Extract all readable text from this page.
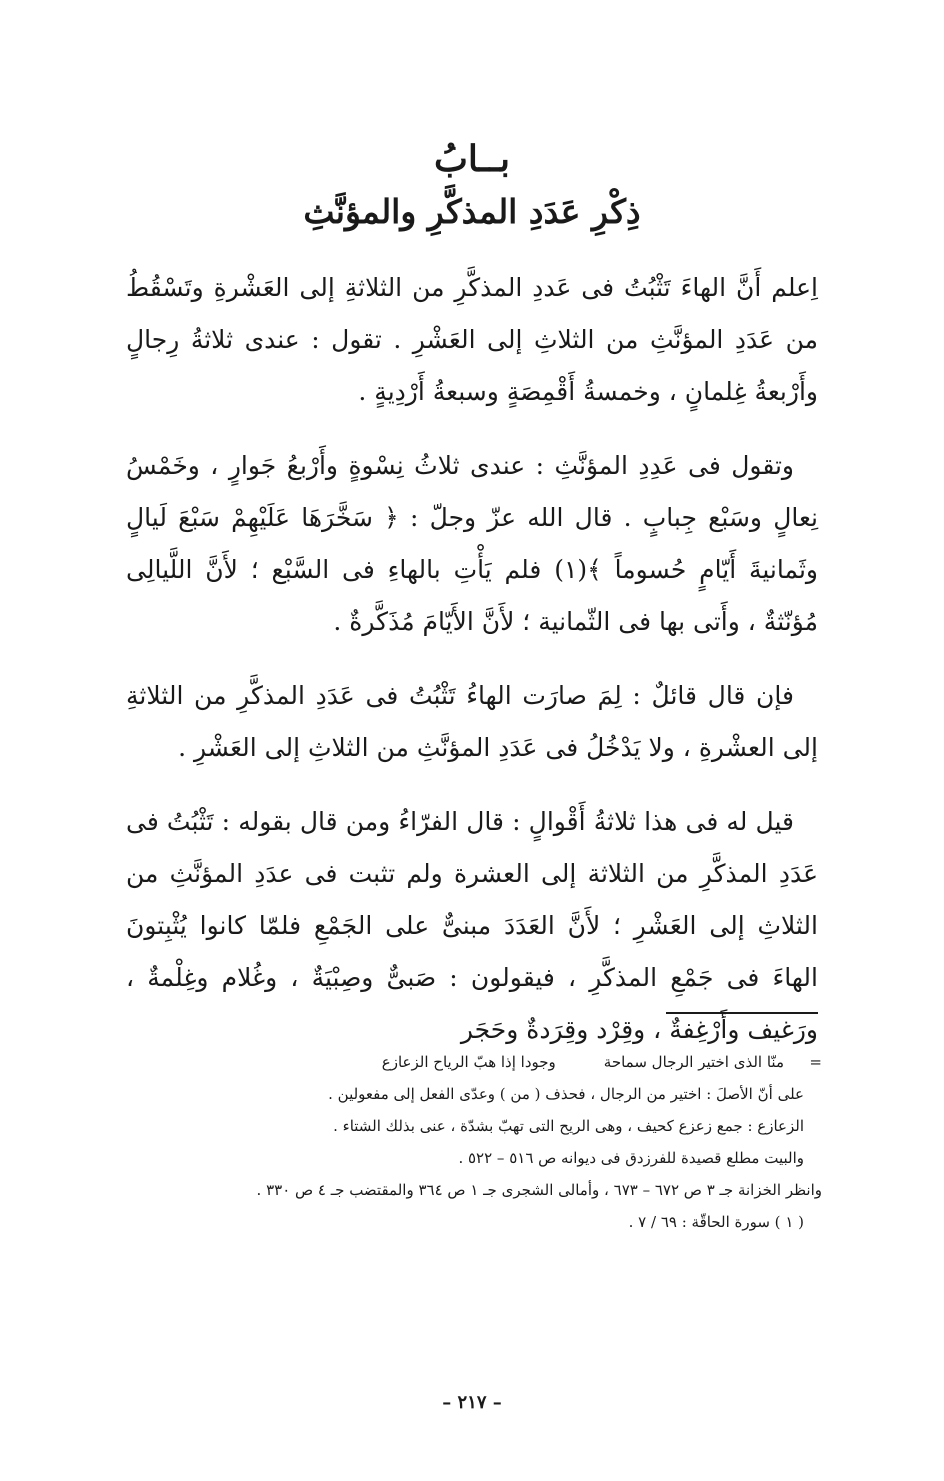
بــابُ
ذِكْرِ عَدَدِ المذكَّرِ والمؤنَّثِ

اِعلم أَنَّ الهاءَ تَثْبُتُ فى عَددِ المذكَّرِ من الثلاثةِ إلى العَشْرةِ وتَسْقُطُ من عَدَدِ المؤنَّثِ من الثلاثِ إلى العَشْرِ . تقول : عندى ثلاثةُ رِجالٍ وأَرْبعةُ غِلمانٍ ، وخمسةُ أَقْمِصَةٍ وسبعةُ أَرْدِيةٍ .

وتقول فى عَدِدِ المؤنَّثِ : عندى ثلاثُ نِسْوةٍ وأَرْبعُ جَوارٍ ، وخَمْسُ نِعالٍ وسَبْع جِبابٍ . قال الله عزّ وجلّ : ﴿ سَخَّرَهَا عَلَيْهِمْ سَبْعَ لَيالٍ وثَمانيةَ أَيّامٍ حُسوماً ﴾(١) فلم يَأْتِ بالهاءِ فى السَّبْع ؛ لأَنَّ اللَّيالِى مُؤنّثةٌ ، وأَتى بها فى الثّمانية ؛ لأَنَّ الأَيّامَ مُذَكَّرةٌ .

فإن قال قائلٌ : لِمَ صارَت الهاءُ تَثْبُتُ فى عَدَدِ المذكَّرِ من الثلاثةِ إلى العشْرةِ ، ولا يَدْخُلُ فى عَدَدِ المؤنَّثِ من الثلاثِ إلى العَشْرِ .

قيل له فى هذا ثلاثةُ أَقْوالٍ : قال الفرّاءُ ومن قال بقوله : تَثْبُتُ فى عَدَدِ المذكَّرِ من الثلاثة إلى العشرة ولم تثبت فى عدَدِ المؤنَّثِ من الثلاثِ إلى العَشْرِ ؛ لأَنَّ العَدَدَ مبنىٌّ على الجَمْعِ فلمّا كانوا يُثْبِتونَ الهاءَ فى جَمْعِ المذكَّرِ ، فيقولون : صَبىٌّ وصِبْيَةٌ ، وغُلام وغِلْمةٌ ، ورَغيف وأَرْغِفةٌ ، وقِرْد وقِرَدةٌ وحَجَر

=
منّا الذى اختير الرجال سماحة
وجودا إذا هبّ الرياح الزعازع
على أنّ الأصلَ : اختير من الرجال ، فحذف ( من ) وعدّى الفعل إلى مفعولين .
الزعازع : جمع زعزع كحيف ، وهى الريح التى تهبّ بشدّة ، عنى بذلك الشتاء .
والبيت مطلع قصيدة للفرزدق فى ديوانه ص ٥١٦ – ٥٢٢ .
وانظر الخزانة جـ ٣ ص ٦٧٢ – ٦٧٣ ، وأمالى الشجرى جـ ١ ص ٣٦٤ والمقتضب جـ ٤ ص ٣٣٠ .
( ١ ) سورة الحاقّة : ٦٩ / ٧ .
– ٢١٧ –
